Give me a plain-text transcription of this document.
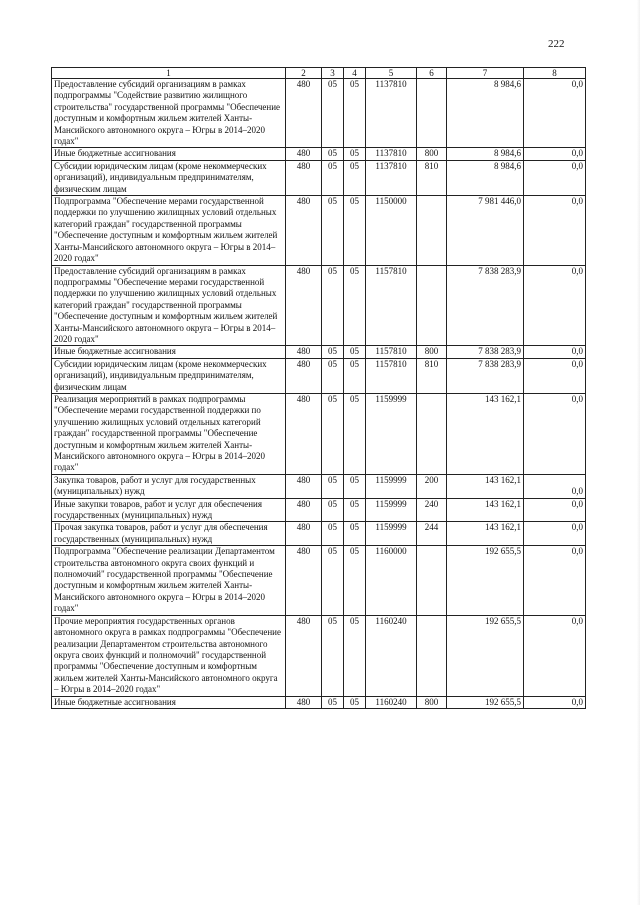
222
1	2	3	4	5	6	7	8
Предоставление субсидий организациям в рамках подпрограммы "Содействие развитию жилищного строительства" государственной программы "Обеспечение доступным и комфортным жильем жителей Ханты-Мансийского автономного округа – Югры в 2014–2020 годах"	480	05	05	1137810		8 984,6	0,0
Иные бюджетные ассигнования	480	05	05	1137810	800	8 984,6	0,0
Субсидии юридическим лицам (кроме некоммерческих организаций), индивидуальным предпринимателям, физическим лицам	480	05	05	1137810	810	8 984,6	0,0
Подпрограмма "Обеспечение мерами государственной поддержки по улучшению жилищных условий отдельных категорий граждан" государственной программы "Обеспечение доступным и комфортным жильем жителей Ханты-Мансийского автономного округа – Югры в 2014–2020 годах"	480	05	05	1150000		7 981 446,0	0,0
Предоставление субсидий организациям в рамках подпрограммы "Обеспечение мерами государственной поддержки по улучшению жилищных условий отдельных категорий граждан" государственной программы "Обеспечение доступным и комфортным жильем жителей Ханты-Мансийского автономного округа – Югры в 2014–2020 годах"	480	05	05	1157810		7 838 283,9	0,0
Иные бюджетные ассигнования	480	05	05	1157810	800	7 838 283,9	0,0
Субсидии юридическим лицам (кроме некоммерческих организаций), индивидуальным предпринимателям, физическим лицам	480	05	05	1157810	810	7 838 283,9	0,0
Реализация мероприятий в рамках подпрограммы "Обеспечение мерами государственной поддержки по улучшению жилищных условий отдельных категорий граждан" государственной программы "Обеспечение доступным и комфортным жильем жителей Ханты-Мансийского автономного округа – Югры в 2014–2020 годах"	480	05	05	1159999		143 162,1	0,0
Закупка товаров, работ и услуг для государственных (муниципальных) нужд	480	05	05	1159999	200	143 162,1	0,0
Иные закупки товаров, работ и услуг для обеспечения государственных (муниципальных) нужд	480	05	05	1159999	240	143 162,1	0,0
Прочая закупка товаров, работ и услуг для обеспечения государственных (муниципальных) нужд	480	05	05	1159999	244	143 162,1	0,0
Подпрограмма "Обеспечение реализации Департаментом строительства автономного округа своих функций и полномочий" государственной программы "Обеспечение доступным и комфортным жильем жителей Ханты-Мансийского автономного округа – Югры в 2014–2020 годах"	480	05	05	1160000		192 655,5	0,0
Прочие мероприятия государственных органов автономного округа в рамках подпрограммы "Обеспечение реализации Департаментом строительства автономного округа своих функций и полномочий" государственной программы "Обеспечение доступным и комфортным жильем жителей Ханты-Мансийского автономного округа – Югры в 2014–2020 годах"	480	05	05	1160240		192 655,5	0,0
Иные бюджетные ассигнования	480	05	05	1160240	800	192 655,5	0,0
